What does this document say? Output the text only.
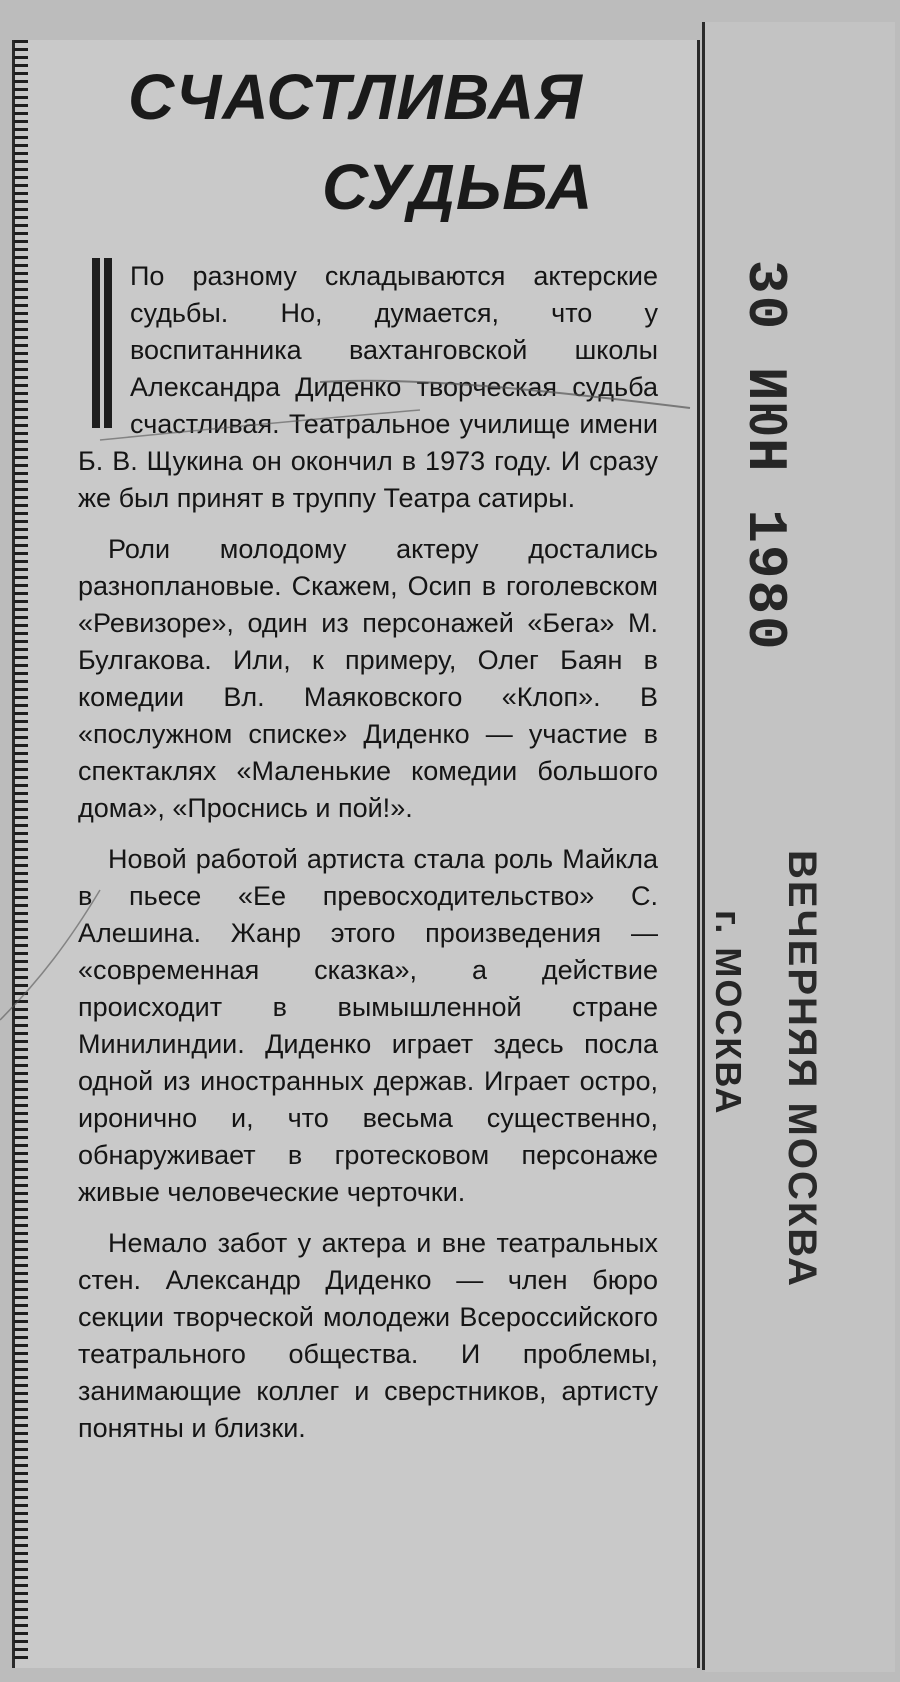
СЧАСТЛИВАЯ
СУДЬБА

По разному складываются актерские судьбы. Но, думается, что у воспитанника вахтанговской школы Александра Диденко творческая судьба счастливая. Театральное училище имени Б. В. Щукина он окончил в 1973 году. И сразу же был принят в труппу Театра сатиры.

Роли молодому актеру достались разноплановые. Скажем, Осип в гоголевском «Ревизоре», один из персонажей «Бега» М. Булгакова. Или, к примеру, Олег Баян в комедии Вл. Маяковского «Клоп». В «послужном списке» Диденко — участие в спектаклях «Маленькие комедии большого дома», «Проснись и пой!».

Новой работой артиста стала роль Майкла в пьесе «Ее превосходительство» С. Алешина. Жанр этого произведения — «современная сказка», а действие происходит в вымышленной стране Минилиндии. Диденко играет здесь посла одной из иностранных держав. Играет остро, иронично и, что весьма существенно, обнаруживает в гротесковом персонаже живые человеческие черточки.

Немало забот у актера и вне театральных стен. Александр Диденко — член бюро секции творческой молодежи Всероссийского театрального общества. И проблемы, занимающие коллег и сверстников, артисту понятны и близки.

30 ИЮН 1980
ВЕЧЕРНЯЯ МОСКВА
г. МОСКВА
